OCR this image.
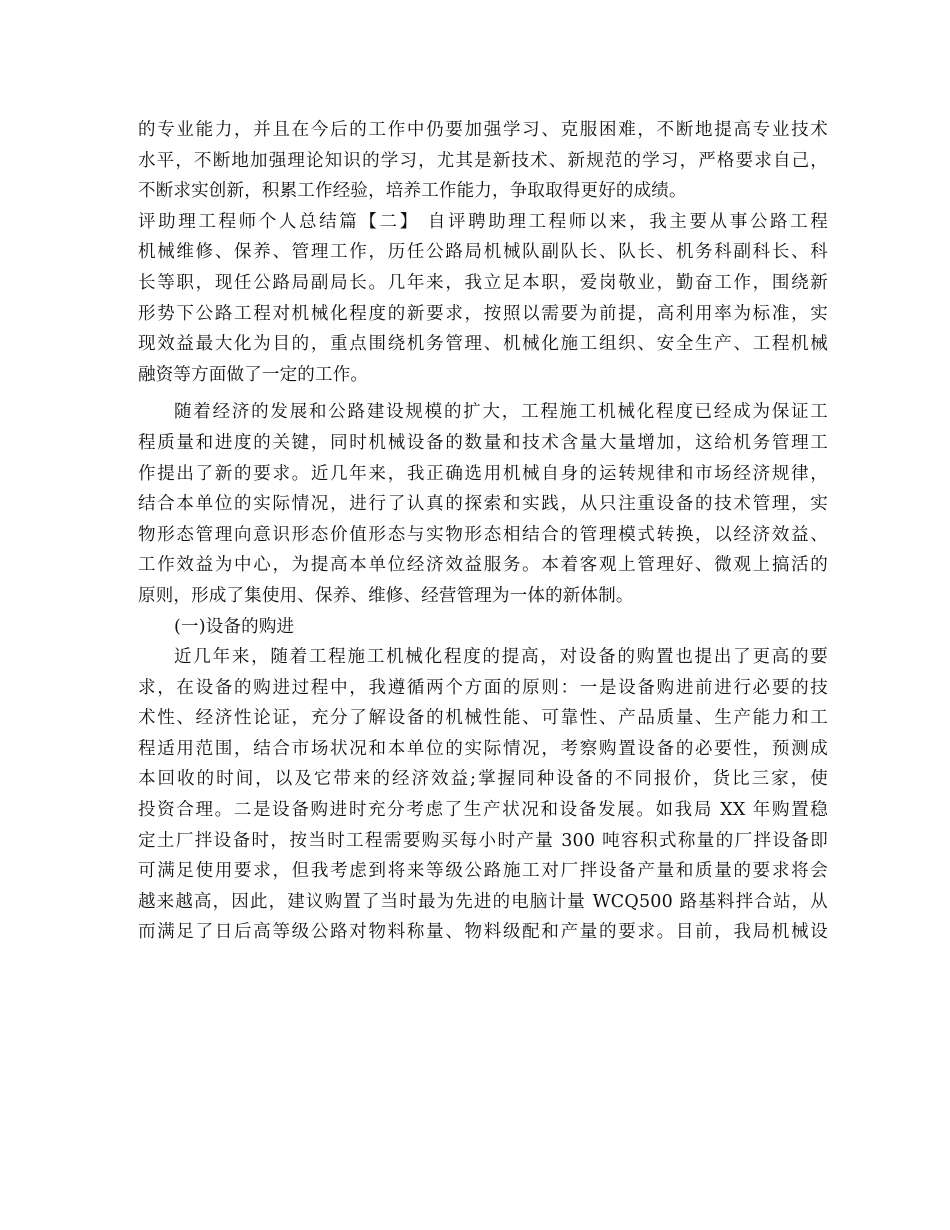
的专业能力，并且在今后的工作中仍要加强学习、克服困难，不断地提高专业技术
水平，不断地加强理论知识的学习，尤其是新技术、新规范的学习，严格要求自己，
不断求实创新，积累工作经验，培养工作能力，争取取得更好的成绩。
评助理工程师个人总结篇【二】 自评聘助理工程师以来，我主要从事公路工程
机械维修、保养、管理工作，历任公路局机械队副队长、队长、机务科副科长、科
长等职，现任公路局副局长。几年来，我立足本职，爱岗敬业，勤奋工作，围绕新
形势下公路工程对机械化程度的新要求，按照以需要为前提，高利用率为标准，实
现效益最大化为目的，重点围绕机务管理、机械化施工组织、安全生产、工程机械
融资等方面做了一定的工作。
随着经济的发展和公路建设规模的扩大，工程施工机械化程度已经成为保证工
程质量和进度的关键，同时机械设备的数量和技术含量大量增加，这给机务管理工
作提出了新的要求。近几年来，我正确选用机械自身的运转规律和市场经济规律，
结合本单位的实际情况，进行了认真的探索和实践，从只注重设备的技术管理，实
物形态管理向意识形态价值形态与实物形态相结合的管理模式转换，以经济效益、
工作效益为中心，为提高本单位经济效益服务。本着客观上管理好、微观上搞活的
原则，形成了集使用、保养、维修、经营管理为一体的新体制。
(一)设备的购进
近几年来，随着工程施工机械化程度的提高，对设备的购置也提出了更高的要
求，在设备的购进过程中，我遵循两个方面的原则：一是设备购进前进行必要的技
术性、经济性论证，充分了解设备的机械性能、可靠性、产品质量、生产能力和工
程适用范围，结合市场状况和本单位的实际情况，考察购置设备的必要性，预测成
本回收的时间，以及它带来的经济效益;掌握同种设备的不同报价，货比三家，使
投资合理。二是设备购进时充分考虑了生产状况和设备发展。如我局 XX 年购置稳
定土厂拌设备时，按当时工程需要购买每小时产量 300 吨容积式称量的厂拌设备即
可满足使用要求，但我考虑到将来等级公路施工对厂拌设备产量和质量的要求将会
越来越高，因此，建议购置了当时最为先进的电脑计量 WCQ500 路基料拌合站，从
而满足了日后高等级公路对物料称量、物料级配和产量的要求。目前，我局机械设
